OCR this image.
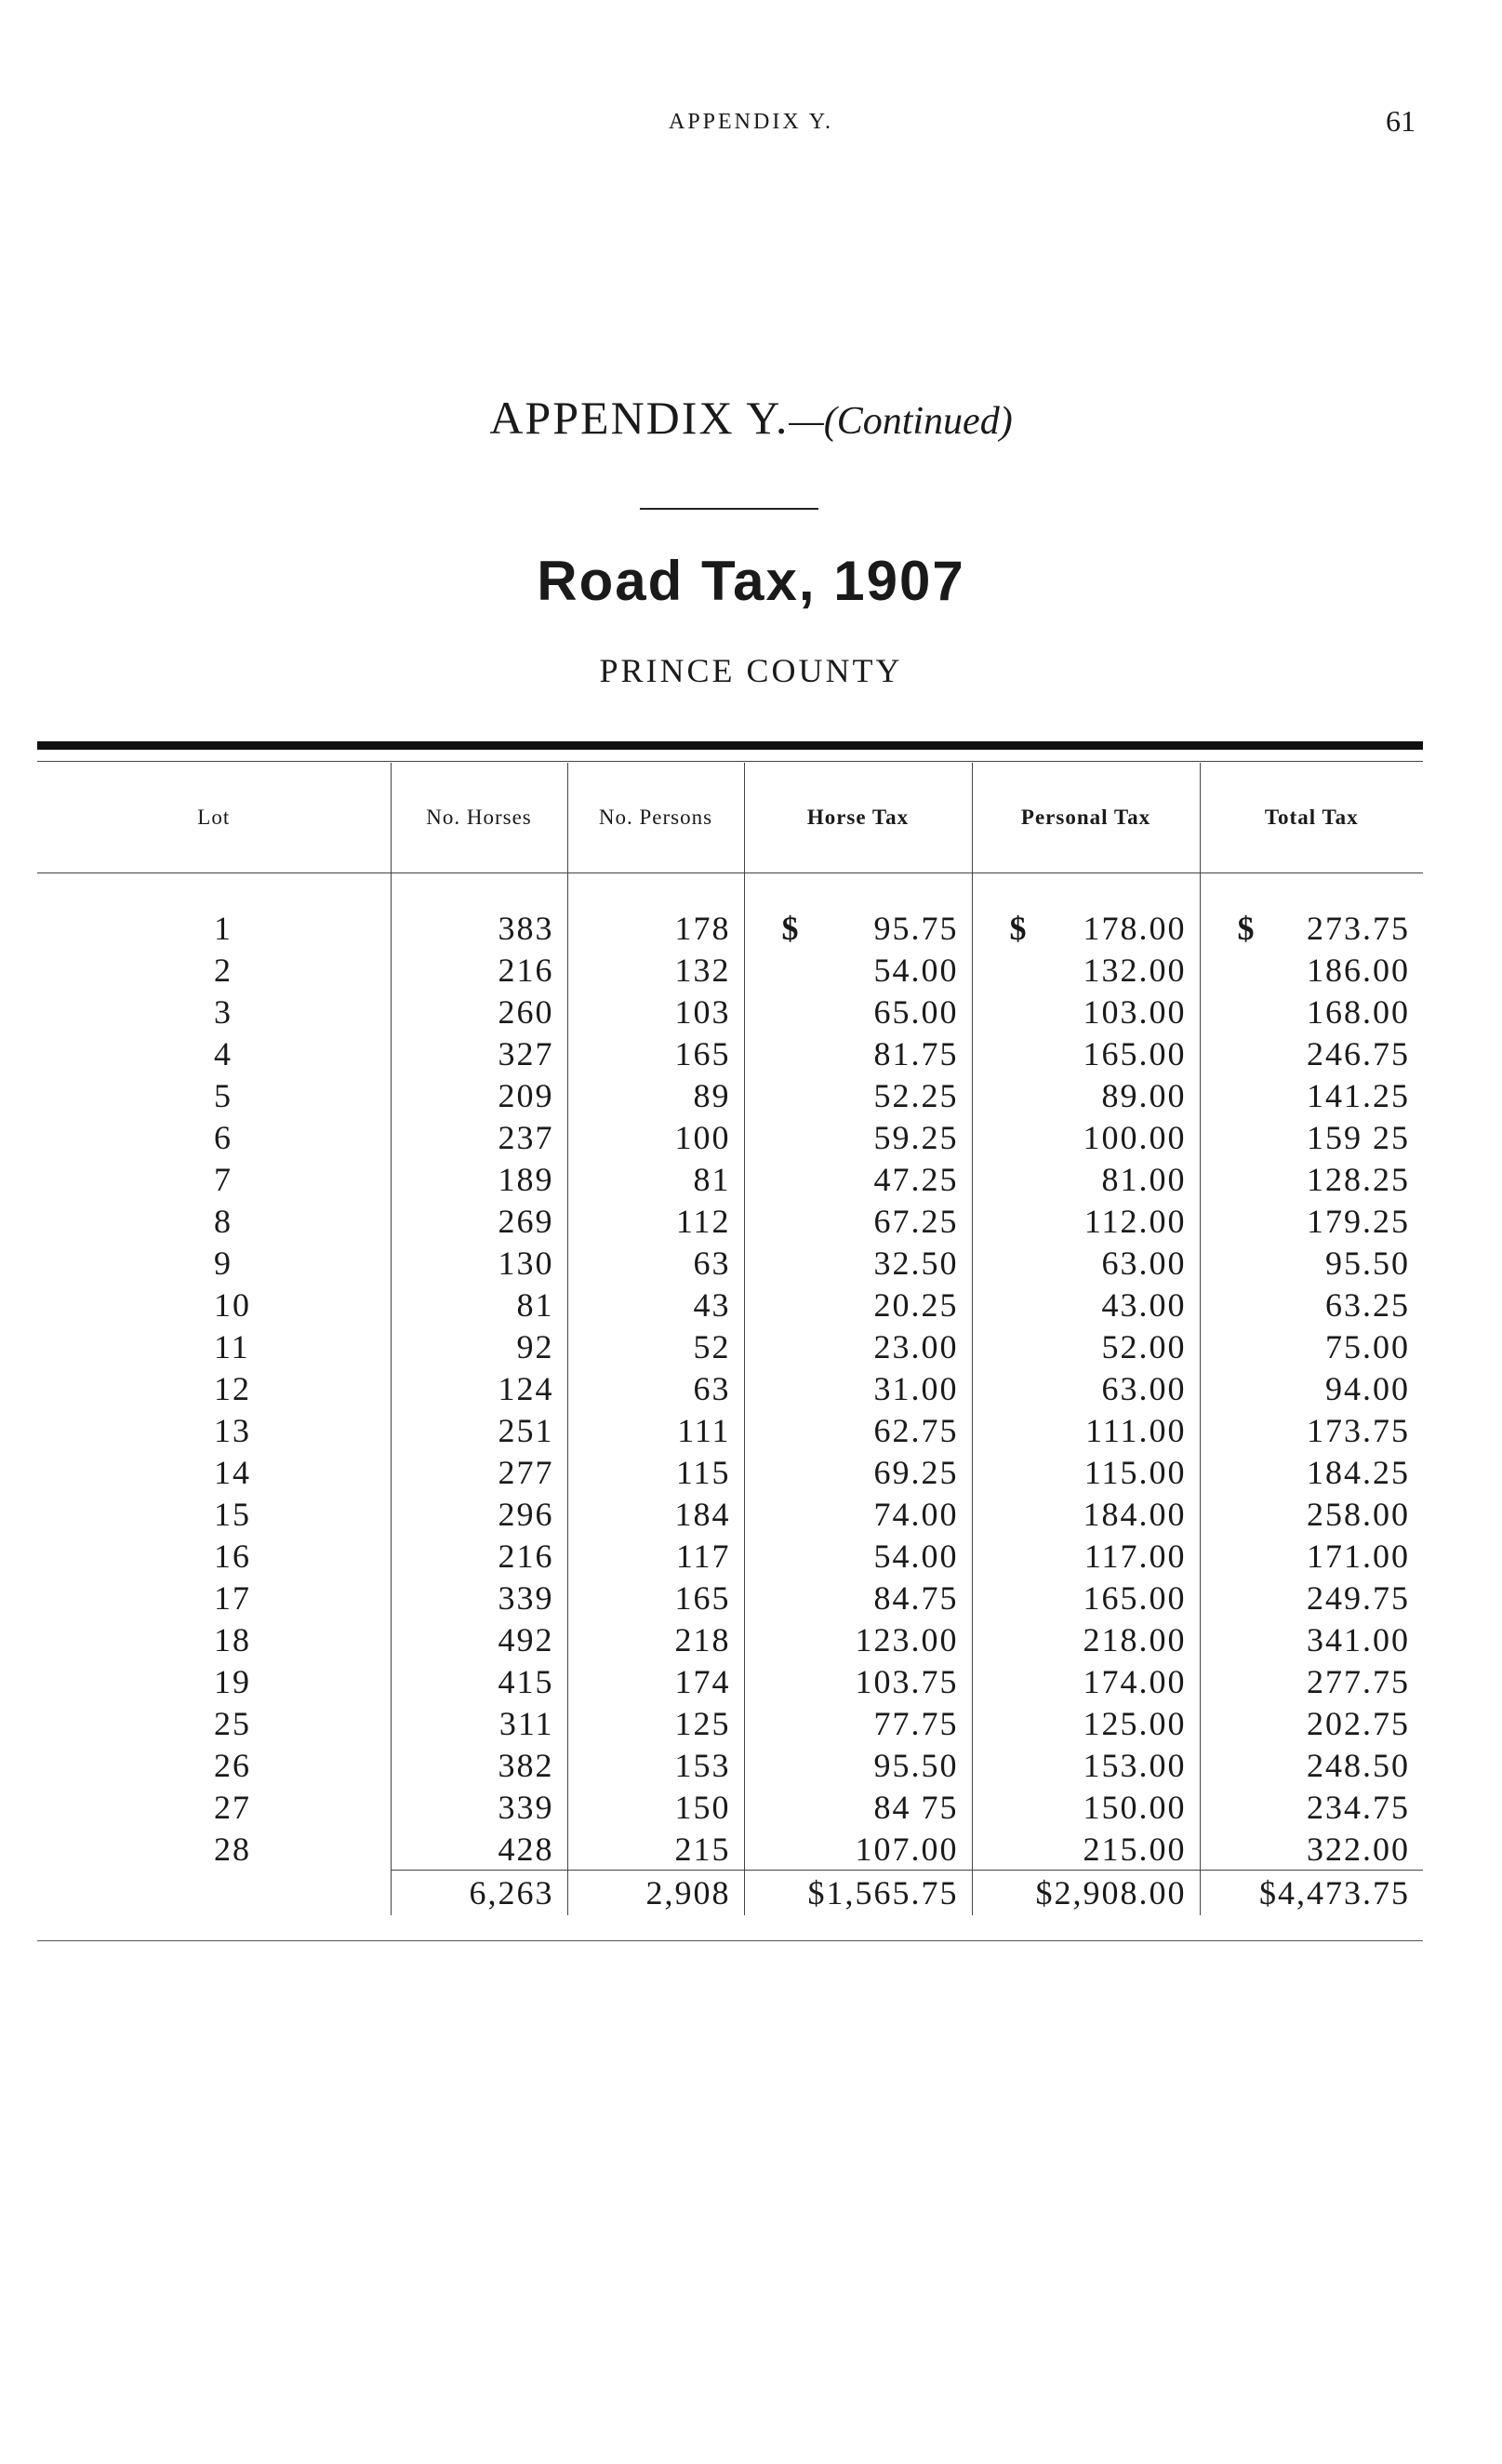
APPENDIX Y.	61
APPENDIX Y.—(Continued)
Road Tax, 1907
PRINCE COUNTY
Lot	No. Horses	No. Persons	Horse Tax	Personal Tax	Total Tax
1	383	178	$ 95.75	$ 178.00	$ 273.75
2	216	132	54.00	132.00	186.00
3	260	103	65.00	103.00	168.00
4	327	165	81.75	165.00	246.75
5	209	89	52.25	89.00	141.25
6	237	100	59.25	100.00	159 25
7	189	81	47.25	81.00	128.25
8	269	112	67.25	112.00	179.25
9	130	63	32.50	63.00	95.50
10	81	43	20.25	43.00	63.25
11	92	52	23.00	52.00	75.00
12	124	63	31.00	63.00	94.00
13	251	111	62.75	111.00	173.75
14	277	115	69.25	115.00	184.25
15	296	184	74.00	184.00	258.00
16	216	117	54.00	117.00	171.00
17	339	165	84.75	165.00	249.75
18	492	218	123.00	218.00	341.00
19	415	174	103.75	174.00	277.75
25	311	125	77.75	125.00	202.75
26	382	153	95.50	153.00	248.50
27	339	150	84 75	150.00	234.75
28	428	215	107.00	215.00	322.00
	6,263	2,908	$1,565.75	$2,908.00	$4,473.75
